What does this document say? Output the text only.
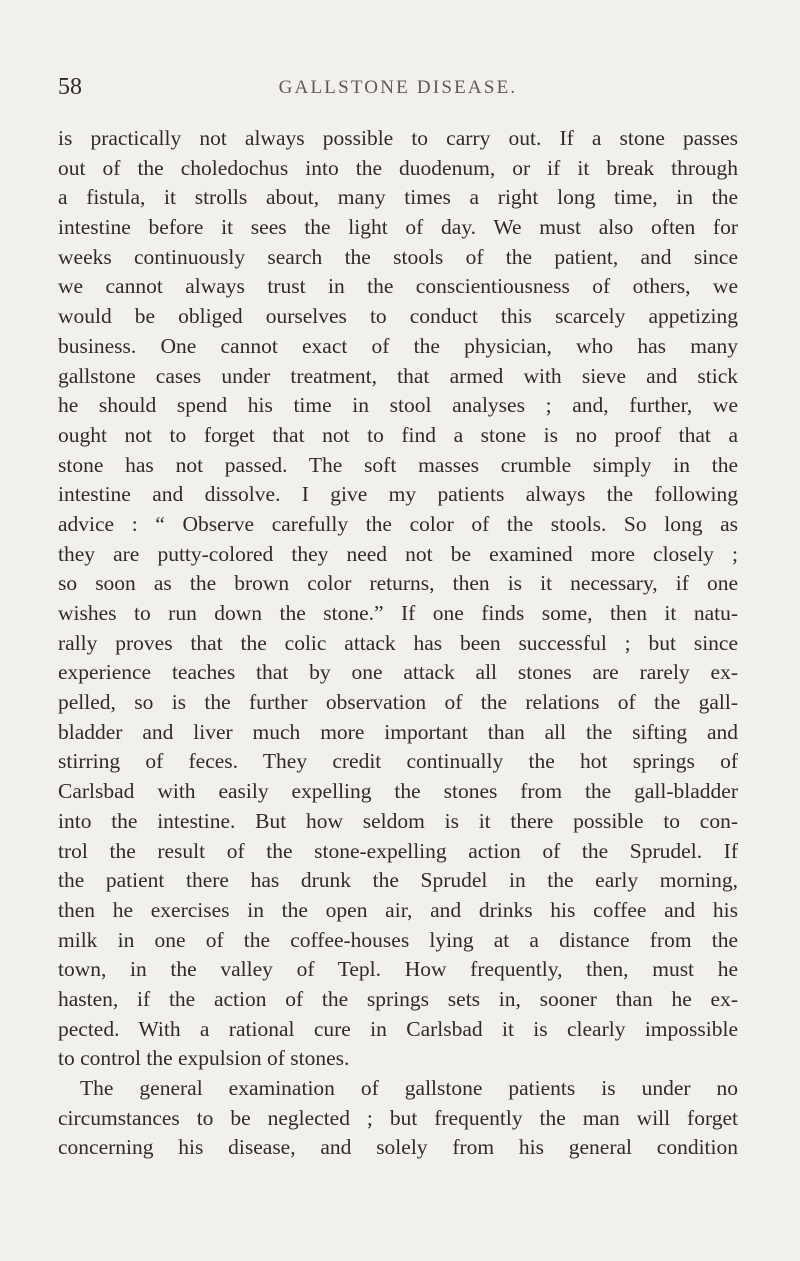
58	GALLSTONE DISEASE.
is practically not always possible to carry out. If a stone passes
out of the choledochus into the duodenum, or if it break through
a fistula, it strolls about, many times a right long time, in the
intestine before it sees the light of day. We must also often for
weeks continuously search the stools of the patient, and since
we cannot always trust in the conscientiousness of others, we
would be obliged ourselves to conduct this scarcely appetizing
business. One cannot exact of the physician, who has many
gallstone cases under treatment, that armed with sieve and stick
he should spend his time in stool analyses ; and, further, we
ought not to forget that not to find a stone is no proof that a
stone has not passed. The soft masses crumble simply in the
intestine and dissolve. I give my patients always the following
advice : “ Observe carefully the color of the stools. So long as
they are putty-colored they need not be examined more closely ;
so soon as the brown color returns, then is it necessary, if one
wishes to run down the stone.” If one finds some, then it natu-
rally proves that the colic attack has been successful ; but since
experience teaches that by one attack all stones are rarely ex-
pelled, so is the further observation of the relations of the gall-
bladder and liver much more important than all the sifting and
stirring of feces. They credit continually the hot springs of
Carlsbad with easily expelling the stones from the gall-bladder
into the intestine. But how seldom is it there possible to con-
trol the result of the stone-expelling action of the Sprudel. If
the patient there has drunk the Sprudel in the early morning,
then he exercises in the open air, and drinks his coffee and his
milk in one of the coffee-houses lying at a distance from the
town, in the valley of Tepl. How frequently, then, must he
hasten, if the action of the springs sets in, sooner than he ex-
pected. With a rational cure in Carlsbad it is clearly impossible
to control the expulsion of stones.
The general examination of gallstone patients is under no
circumstances to be neglected ; but frequently the man will forget
concerning his disease, and solely from his general condition
